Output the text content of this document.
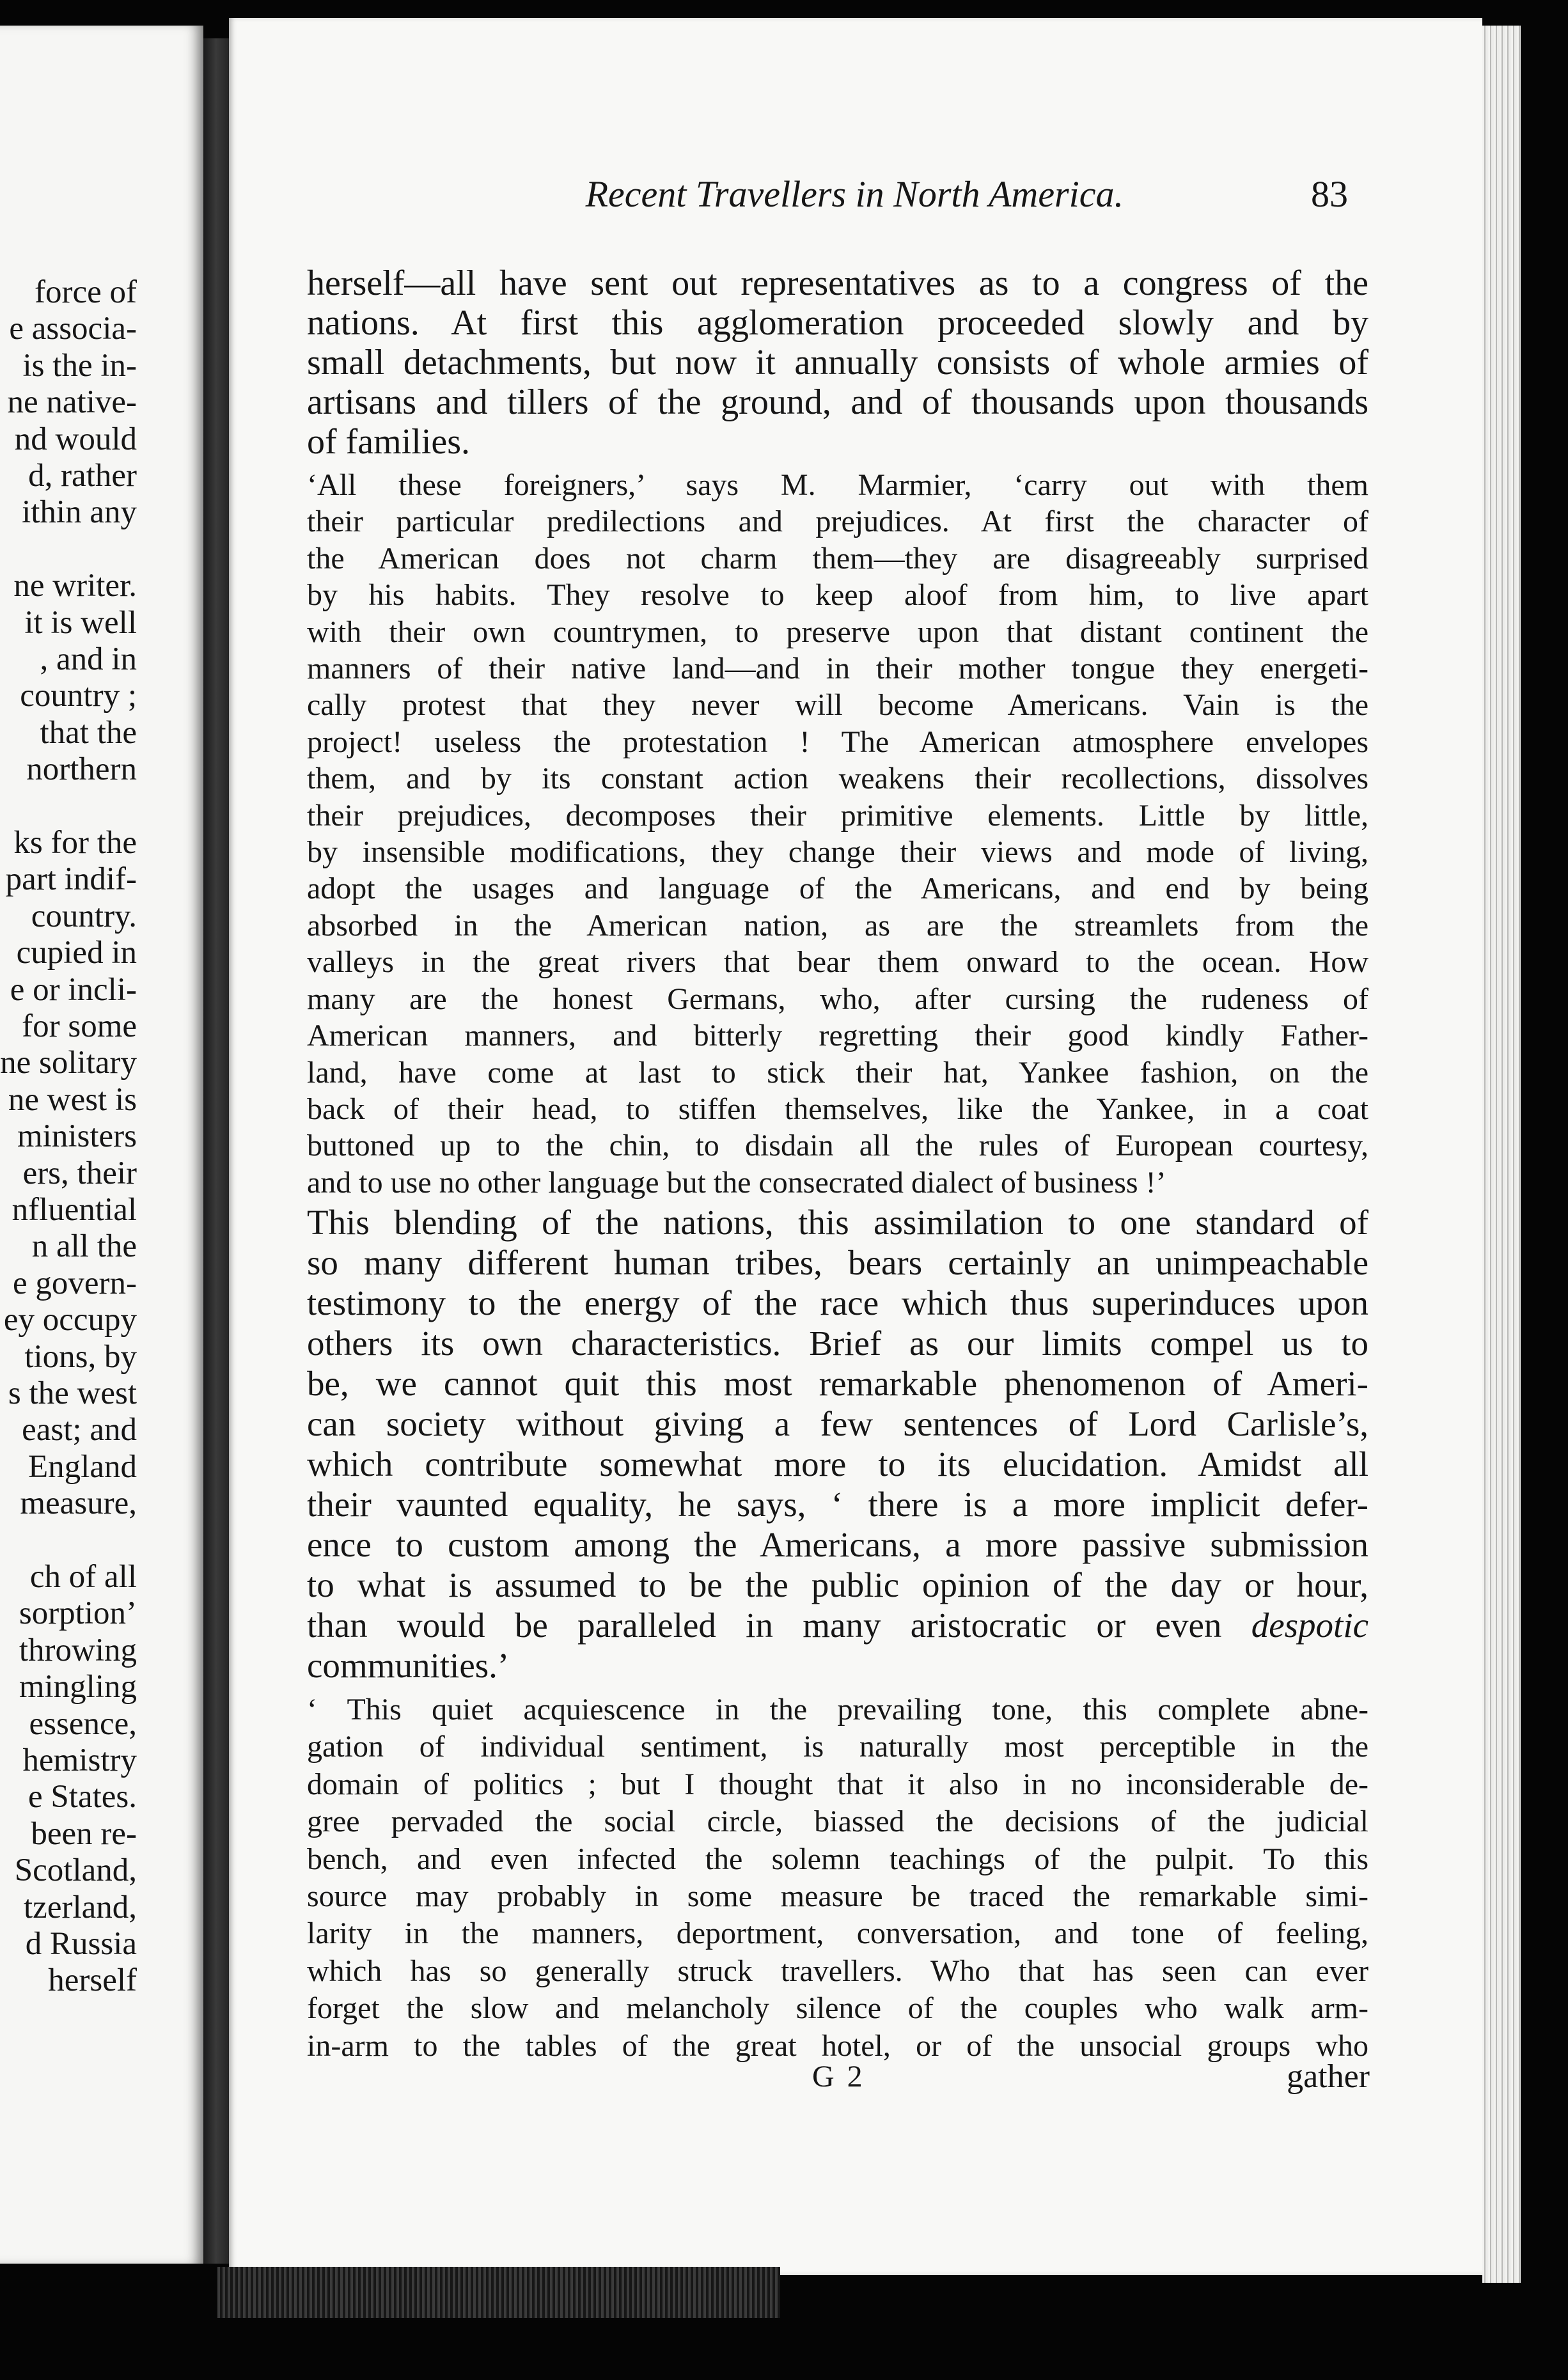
force of
e associa-
is the in-
ne native-
nd would
d, rather
ithin any
ne writer.
it is well
, and in
country ;
that the
northern
ks for the
part indif-
country.
cupied in
e or incli-
for some
ne solitary
ne west is
ministers
ers, their
nfluential
n all the
e govern-
ey occupy
tions, by
s the west
east; and
England
measure,
ch of all
sorption’
throwing
mingling
essence,
hemistry
e States.
been re-
Scotland,
tzerland,
d Russia
herself
Recent Travellers in North America.	83
herself—all have sent out representatives as to a congress of the
nations. At first this agglomeration proceeded slowly and by
small detachments, but now it annually consists of whole armies of
artisans and tillers of the ground, and of thousands upon thousands
of families.
‘All these foreigners,’ says M. Marmier, ‘carry out with them
their particular predilections and prejudices. At first the character of
the American does not charm them—they are disagreeably surprised
by his habits. They resolve to keep aloof from him, to live apart
with their own countrymen, to preserve upon that distant continent the
manners of their native land—and in their mother tongue they energeti-
cally protest that they never will become Americans. Vain is the
project! useless the protestation ! The American atmosphere envelopes
them, and by its constant action weakens their recollections, dissolves
their prejudices, decomposes their primitive elements. Little by little,
by insensible modifications, they change their views and mode of living,
adopt the usages and language of the Americans, and end by being
absorbed in the American nation, as are the streamlets from the
valleys in the great rivers that bear them onward to the ocean. How
many are the honest Germans, who, after cursing the rudeness of
American manners, and bitterly regretting their good kindly Father-
land, have come at last to stick their hat, Yankee fashion, on the
back of their head, to stiffen themselves, like the Yankee, in a coat
buttoned up to the chin, to disdain all the rules of European courtesy,
and to use no other language but the consecrated dialect of business !’
This blending of the nations, this assimilation to one standard of
so many different human tribes, bears certainly an unimpeachable
testimony to the energy of the race which thus superinduces upon
others its own characteristics. Brief as our limits compel us to
be, we cannot quit this most remarkable phenomenon of Ameri-
can society without giving a few sentences of Lord Carlisle’s,
which contribute somewhat more to its elucidation. Amidst all
their vaunted equality, he says, ‘ there is a more implicit defer-
ence to custom among the Americans, a more passive submission
to what is assumed to be the public opinion of the day or hour,
than would be paralleled in many aristocratic or even despotic
communities.’
‘ This quiet acquiescence in the prevailing tone, this complete abne-
gation of individual sentiment, is naturally most perceptible in the
domain of politics ; but I thought that it also in no inconsiderable de-
gree pervaded the social circle, biassed the decisions of the judicial
bench, and even infected the solemn teachings of the pulpit. To this
source may probably in some measure be traced the remarkable simi-
larity in the manners, deportment, conversation, and tone of feeling,
which has so generally struck travellers. Who that has seen can ever
forget the slow and melancholy silence of the couples who walk arm-
in-arm to the tables of the great hotel, or of the unsocial groups who
G 2	gather
